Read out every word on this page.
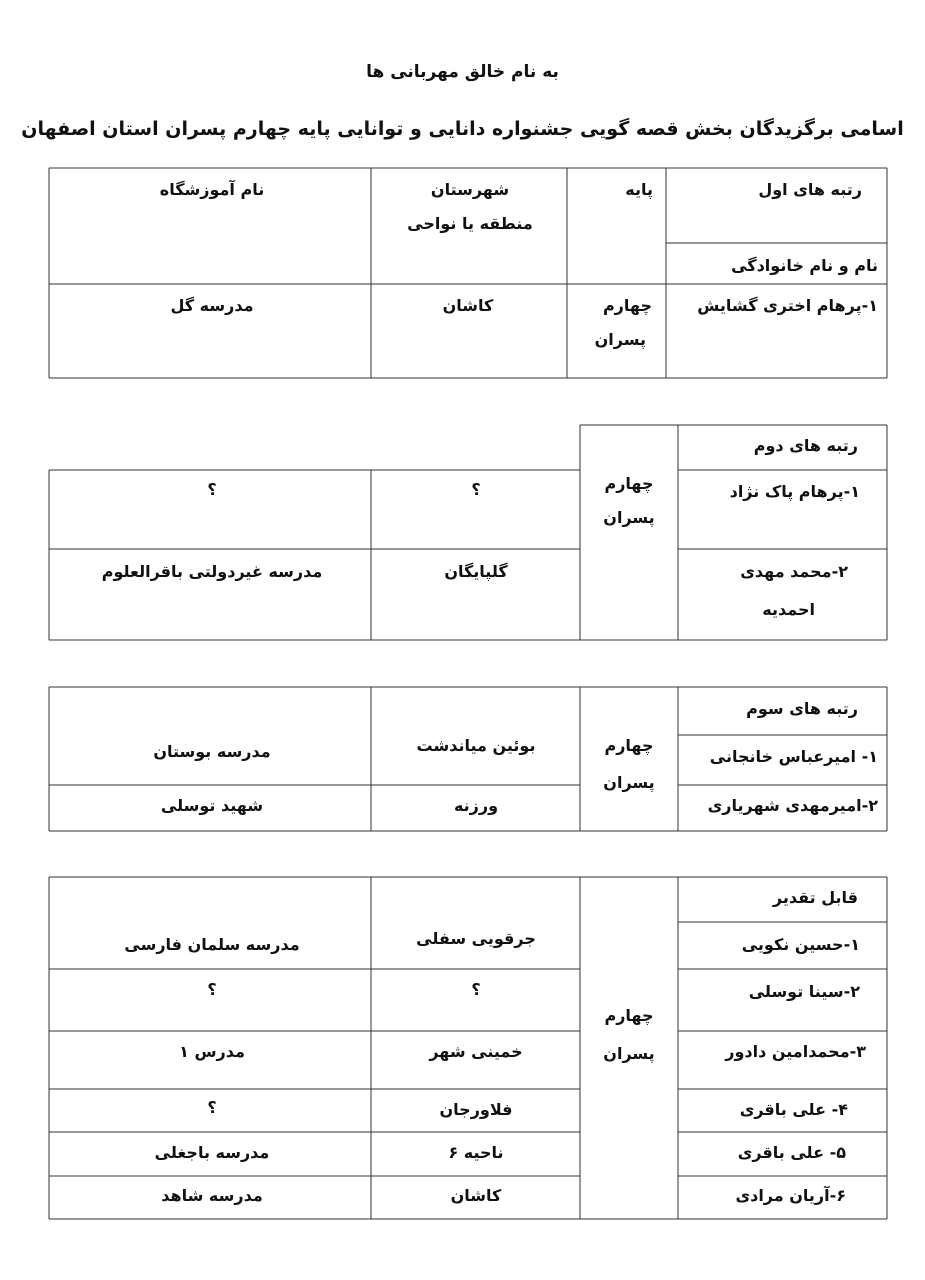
به نام خالق مهربانی ها
اسامی برگزیدگان بخش قصه گویی جشنواره دانایی و توانایی پایه چهارم پسران استان اصفهان
رتبه های اول
نام و نام خانوادگی
پایه
شهرستان
منطقه یا نواحی
نام آموزشگاه
۱-پرهام اختری گشایش
چهارم
پسران
کاشان
مدرسه گل
رتبه های دوم
چهارم
پسران
۱-پرهام پاک نژاد
؟
؟
۲-محمد مهدی
احمدیه
گلپایگان
مدرسه غیردولتی باقرالعلوم
رتبه های سوم
چهارم
پسران
۱- امیرعباس خانجانی
بوئین میاندشت
مدرسه بوستان
۲-امیرمهدی شهریاری
ورزنه
شهید توسلی
قابل تقدیر
چهارم
پسران
۱-حسین نکویی
جرقویی سفلی
مدرسه سلمان فارسی
۲-سینا توسلی
؟
؟
۳-محمدامین دادور
خمینی شهر
مدرس ۱
۴- علی باقری
فلاورجان
؟
۵- علی باقری
ناحیه ۶
مدرسه باجغلی
۶-آریان مرادی
کاشان
مدرسه شاهد
